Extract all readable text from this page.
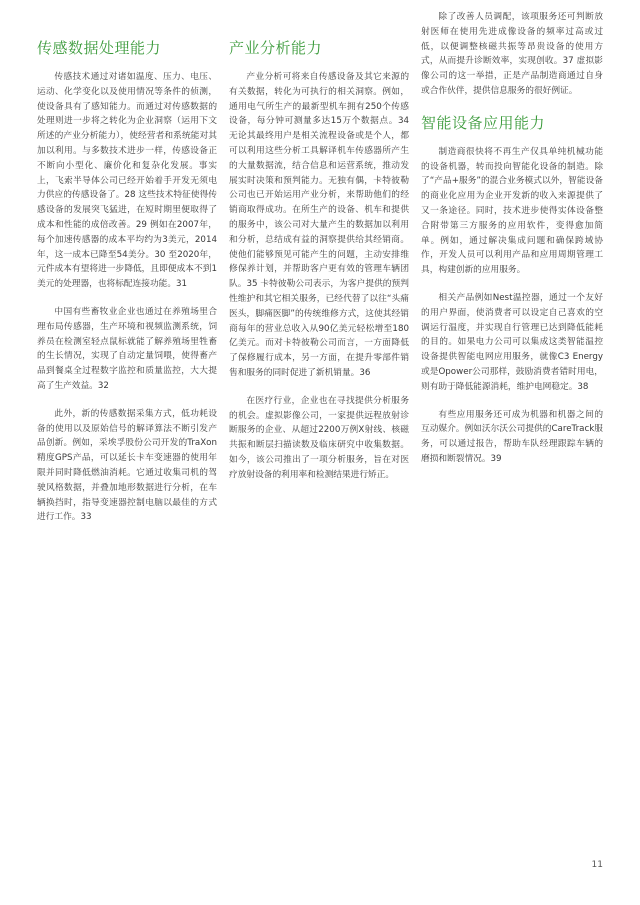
传感数据处理能力

传感技术通过对诸如温度、压力、电压、运动、化学变化以及使用情况等条件的侦测，使设备具有了感知能力。而通过对传感数据的处理则进一步将之转化为企业洞察（运用下文所述的产业分析能力），使经营者和系统能对其加以利用。与多数技术进步一样，传感设备正不断向小型化、廉价化和复杂化发展。事实上，飞索半导体公司已经开始着手开发无须电力供应的传感设备了。28 这些技术特征使得传感设备的发展突飞猛进，在短时期里便取得了成本和性能的成倍改善。29 例如在2007年，每个加速传感器的成本平均约为3美元，2014年，这一成本已降至54美分。30 至2020年，元件成本有望将进一步降低，且即便成本不到1美元的处理器，也将标配连接功能。31

中国有些畜牧业企业也通过在养殖场里合理布局传感器，生产环境和视频监测系统，饲养员在检测室轻点鼠标就能了解养殖场里牲畜的生长情况，实现了自动定量饲喂，使得畜产品到餐桌全过程数字监控和质量监控，大大提高了生产效益。32

此外，新的传感数据采集方式，低功耗设备的使用以及原始信号的解译算法不断引发产品创新。例如，采埃孚股份公司开发的TraXon精度GPS产品，可以延长卡车变速器的使用年限并同时降低燃油消耗。它通过收集司机的驾驶风格数据，并叠加地形数据进行分析，在车辆换挡时，指导变速器控制电脑以最佳的方式进行工作。33

产业分析能力

产业分析可将来自传感设备及其它来源的有关数据，转化为可执行的相关洞察。例如，通用电气所生产的最新型机车拥有250个传感设备，每分钟可测量多达15万个数据点。34 无论其最终用户是相关流程设备或是个人，都可以利用这些分析工具解译机车传感器所产生的大量数据流，结合信息和运营系统，推动发展实时决策和预判能力。无独有偶，卡特彼勒公司也已开始运用产业分析，来帮助他们的经销商取得成功。在所生产的设备、机车和提供的服务中，该公司对大量产生的数据加以利用和分析，总结成有益的洞察提供给其经销商。使他们能够预见可能产生的问题，主动安排维修保养计划，并帮助客户更有效的管理车辆团队。35 卡特彼勒公司表示，为客户提供的预判性维护和其它相关服务，已经代替了以往“头痛医头，脚痛医脚”的传统维修方式，这使其经销商每年的营业总收入从90亿美元轻松增至180亿美元。而对卡特彼勒公司而言，一方面降低了保修履行成本，另一方面，在提升零部件销售和服务的同时促进了新机销量。36

在医疗行业，企业也在寻找提供分析服务的机会。虚拟影像公司，一家提供远程放射诊断服务的企业、从超过2200万例X射线、核磁共振和断层扫描读数及临床研究中收集数据。如今，该公司推出了一项分析服务，旨在对医疗放射设备的利用率和检测结果进行矫正。

除了改善人员调配，该项服务还可判断放射医师在使用先进成像设备的频率过高或过低，以便调整核磁共振等昂贵设备的使用方式，从而提升诊断效率，实现创收。37 虚拟影像公司的这一举措，正是产品制造商通过自身或合作伙伴，提供信息服务的很好例证。

智能设备应用能力

制造商很快将不再生产仅具单纯机械功能的设备机器，转而投向智能化设备的制造。除了“产品+服务”的混合业务模式以外，智能设备的商业化应用为企业开发新的收入来源提供了又一条途径。同时，技术进步使得实体设备整合附带第三方服务的应用软件，变得愈加简单。例如，通过解决集成问题和确保跨域协作，开发人员可以利用产品和应用周期管理工具，构建创新的应用服务。

相关产品例如Nest温控器，通过一个友好的用户界面，使消费者可以设定自己喜欢的空调运行温度，并实现自行管理已达到降低能耗的目的。如果电力公司可以集成这类智能温控设备提供智能电网应用服务，就像C3 Energy或是Opower公司那样，鼓励消费者错时用电，则有助于降低能源消耗，维护电网稳定。38

有些应用服务还可成为机器和机器之间的互动媒介。例如沃尔沃公司提供的CareTrack服务，可以通过报告，帮助车队经理跟踪车辆的磨损和断裂情况。39

11
